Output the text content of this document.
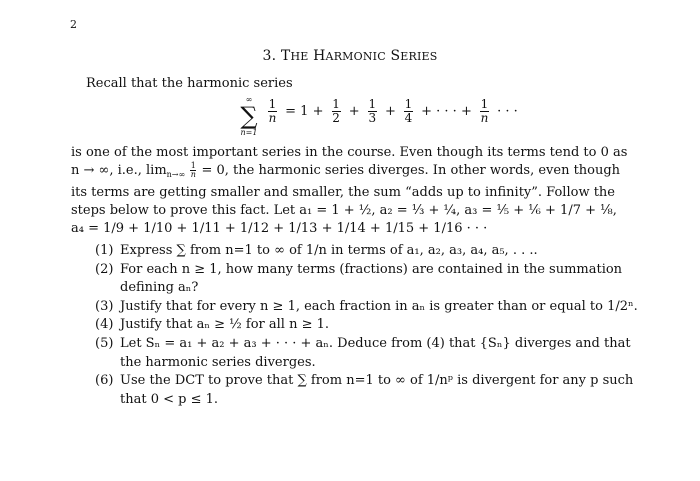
2
3. THE HARMONIC SERIES
Recall that the harmonic series
∞
∑
n=1
$\frac{1}{n} = 1 + \frac{1}{2} + \frac{1}{3} + \frac{1}{4}$ + · · · + $\frac{1}{n}$ · · ·

is one of the most important series in the course. Even though its terms tend to 0 as

n → ∞, i.e., $\lim_{n\to\infty} \frac{1}{n} = 0$, the harmonic series diverges. In other words, even though

its terms are getting smaller and smaller, the sum “adds up to infinity”. Follow the

steps below to prove this fact. Let a₁ = 1 + ½, a₂ = ⅓ + ¼, a₃ = ⅕ + ⅙ + 1/7 + ⅛,

a₄ = 1/9 + 1/10 + 1/11 + 1/12 + 1/13 + 1/14 + 1/15 + 1/16 · · ·

(1) Express ∑ from n=1 to ∞ of 1/n in terms of a₁, a₂, a₃, a₄, a₅, . . ..
(2) For each n ≥ 1, how many terms (fractions) are contained in the summation defining aₙ?
(3) Justify that for every n ≥ 1, each fraction in aₙ is greater than or equal to 1/2ⁿ.
(4) Justify that aₙ ≥ ½ for all n ≥ 1.
(5) Let Sₙ = a₁ + a₂ + a₃ + · · · + aₙ. Deduce from (4) that {Sₙ} diverges and that the harmonic series diverges.
(6) Use the DCT to prove that ∑ from n=1 to ∞ of 1/nᵖ is divergent for any p such that 0 < p ≤ 1.
